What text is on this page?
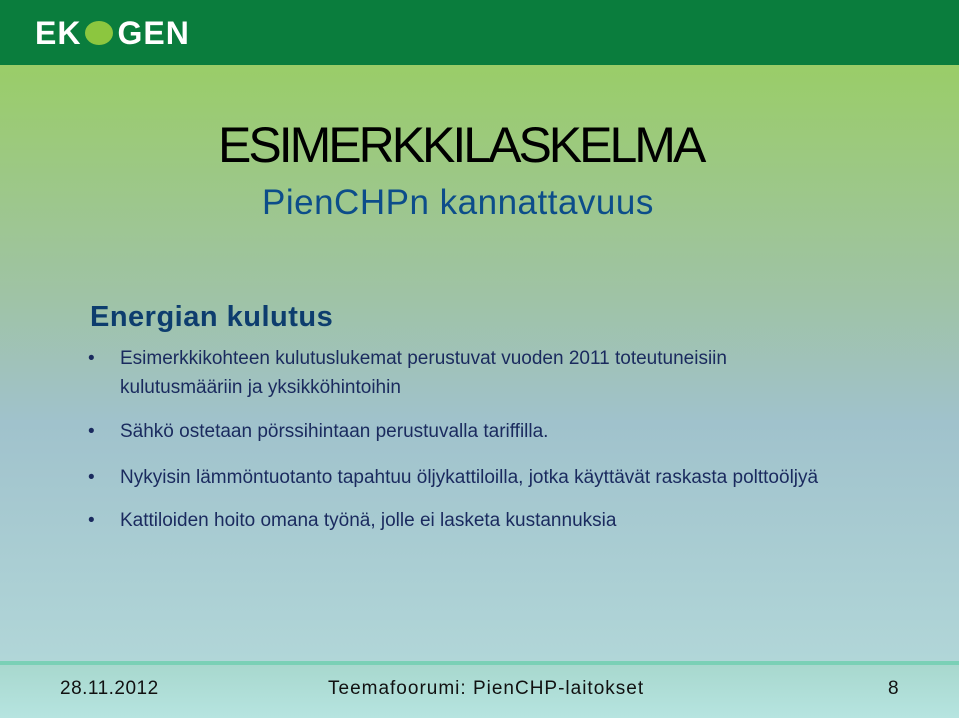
EK GEN
ESIMERKKILASKELMA
PienCHPn kannattavuus
Energian kulutus
• Esimerkkikohteen kulutuslukemat perustuvat vuoden 2011 toteutuneisiin kulutusmääriin ja yksikköhintoihin
• Sähkö ostetaan pörssihintaan perustuvalla tariffilla.
• Nykyisin lämmöntuotanto tapahtuu öljykattiloilla, jotka käyttävät raskasta polttoöljyä
• Kattiloiden hoito omana työnä, jolle ei lasketa kustannuksia
28.11.2012	Teemafoorumi: PienCHP-laitokset	8
